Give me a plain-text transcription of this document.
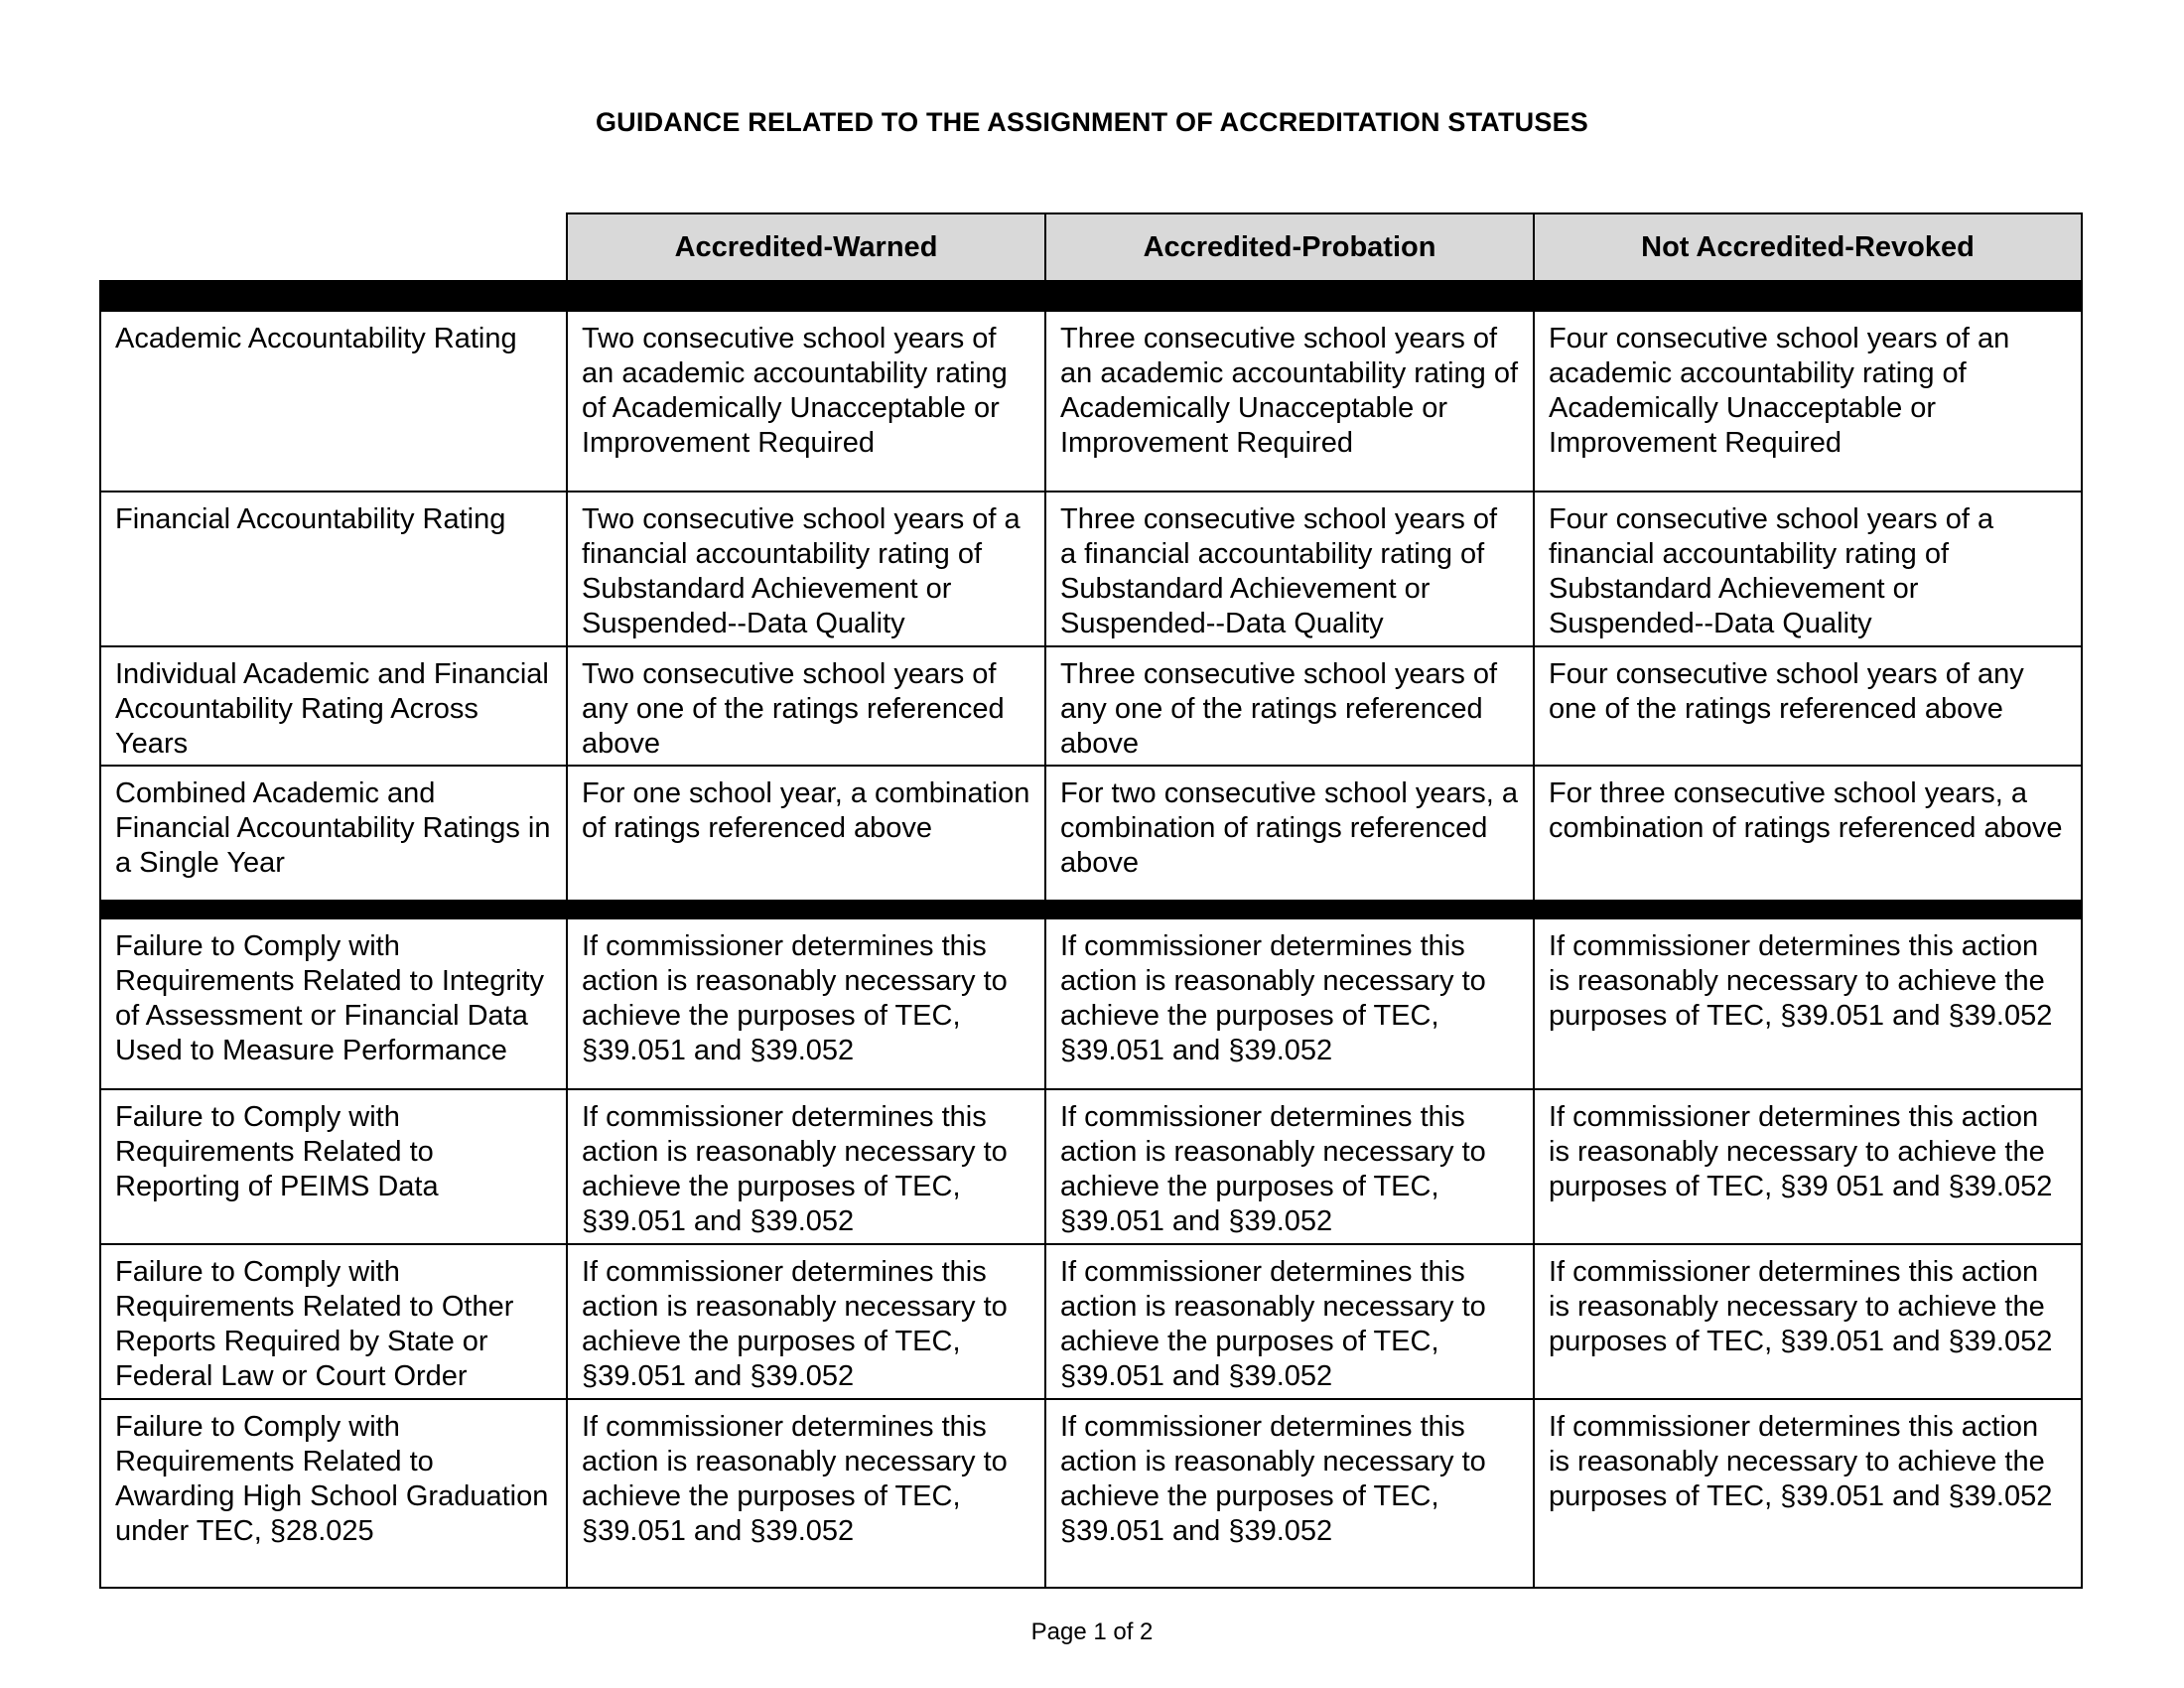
GUIDANCE RELATED TO THE ASSIGNMENT OF ACCREDITATION STATUSES
	Accredited-Warned	Accredited-Probation	Not Accredited-Revoked

Academic Accountability Rating	Two consecutive school years of an academic accountability rating of Academically Unacceptable or Improvement Required	Three consecutive school years of an academic accountability rating of Academically Unacceptable or Improvement Required	Four consecutive school years of an academic accountability rating of Academically Unacceptable or Improvement Required
Financial Accountability Rating	Two consecutive school years of a financial accountability rating of Substandard Achievement or Suspended--Data Quality	Three consecutive school years of a financial accountability rating of Substandard Achievement or Suspended--Data Quality	Four consecutive school years of a financial accountability rating of Substandard Achievement or Suspended--Data Quality
Individual Academic and Financial Accountability Rating Across Years	Two consecutive school years of any one of the ratings referenced above	Three consecutive school years of any one of the ratings referenced above	Four consecutive school years of any one of the ratings referenced above
Combined Academic and Financial Accountability Ratings in a Single Year	For one school year, a combination of ratings referenced above	For two consecutive school years, a combination of ratings referenced above	For three consecutive school years, a combination of ratings referenced above

Failure to Comply with Requirements Related to Integrity of Assessment or Financial Data Used to Measure Performance	If commissioner determines this action is reasonably necessary to achieve the purposes of TEC, §39.051 and §39.052	If commissioner determines this action is reasonably necessary to achieve the purposes of TEC, §39.051 and §39.052	If commissioner determines this action is reasonably necessary to achieve the purposes of TEC, §39.051 and §39.052
Failure to Comply with Requirements Related to Reporting of PEIMS Data	If commissioner determines this action is reasonably necessary to achieve the purposes of TEC, §39.051 and §39.052	If commissioner determines this action is reasonably necessary to achieve the purposes of TEC, §39.051 and §39.052	If commissioner determines this action is reasonably necessary to achieve the purposes of TEC, §39 051 and §39.052
Failure to Comply with Requirements Related to Other Reports Required by State or Federal Law or Court Order	If commissioner determines this action is reasonably necessary to achieve the purposes of TEC, §39.051 and §39.052	If commissioner determines this action is reasonably necessary to achieve the purposes of TEC, §39.051 and §39.052	If commissioner determines this action is reasonably necessary to achieve the purposes of TEC, §39.051 and §39.052
Failure to Comply with Requirements Related to Awarding High School Graduation under TEC, §28.025	If commissioner determines this action is reasonably necessary to achieve the purposes of TEC, §39.051 and §39.052	If commissioner determines this action is reasonably necessary to achieve the purposes of TEC, §39.051 and §39.052	If commissioner determines this action is reasonably necessary to achieve the purposes of TEC, §39.051 and §39.052
Page 1 of 2
